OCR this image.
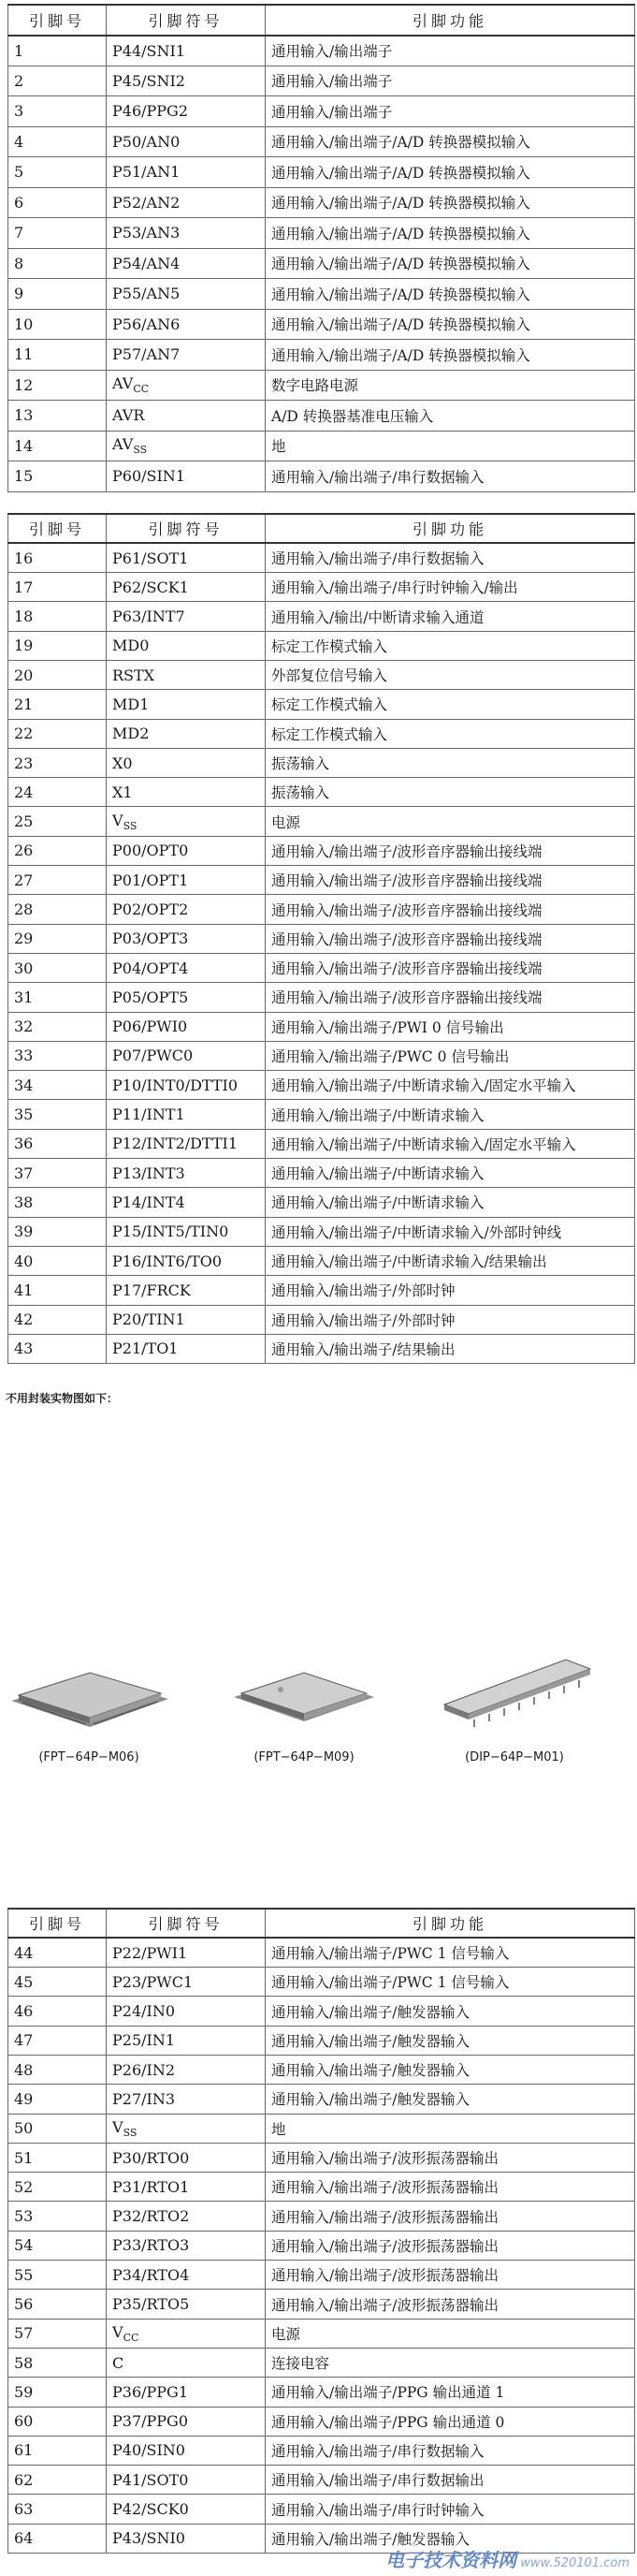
引脚号	引脚符号	引脚功能
1	P44/SNI1	通用输入/输出端子
2	P45/SNI2	通用输入/输出端子
3	P46/PPG2	通用输入/输出端子
4	P50/AN0	通用输入/输出端子/A/D 转换器模拟输入
5	P51/AN1	通用输入/输出端子/A/D 转换器模拟输入
6	P52/AN2	通用输入/输出端子/A/D 转换器模拟输入
7	P53/AN3	通用输入/输出端子/A/D 转换器模拟输入
8	P54/AN4	通用输入/输出端子/A/D 转换器模拟输入
9	P55/AN5	通用输入/输出端子/A/D 转换器模拟输入
10	P56/AN6	通用输入/输出端子/A/D 转换器模拟输入
11	P57/AN7	通用输入/输出端子/A/D 转换器模拟输入
12	$AV_{CC}$	数字电路电源
13	AVR	A/D 转换器基准电压输入
14	$AV_{SS}$	地
15	P60/SIN1	通用输入/输出端子/串行数据输入
引脚号	引脚符号	引脚功能
16	P61/SOT1	通用输入/输出端子/串行数据输入
17	P62/SCK1	通用输入/输出端子/串行时钟输入/输出
18	P63/INT7	通用输入/输出/中断请求输入通道
19	MD0	标定工作模式输入
20	RSTX	外部复位信号输入
21	MD1	标定工作模式输入
22	MD2	标定工作模式输入
23	X0	振荡输入
24	X1	振荡输入
25	$V_{SS}$	电源
26	P00/OPT0	通用输入/输出端子/波形音序器输出接线端
27	P01/OPT1	通用输入/输出端子/波形音序器输出接线端
28	P02/OPT2	通用输入/输出端子/波形音序器输出接线端
29	P03/OPT3	通用输入/输出端子/波形音序器输出接线端
30	P04/OPT4	通用输入/输出端子/波形音序器输出接线端
31	P05/OPT5	通用输入/输出端子/波形音序器输出接线端
32	P06/PWI0	通用输入/输出端子/PWI 0 信号输出
33	P07/PWC0	通用输入/输出端子/PWC 0 信号输出
34	P10/INT0/DTTI0	通用输入/输出端子/中断请求输入/固定水平输入
35	P11/INT1	通用输入/输出端子/中断请求输入
36	P12/INT2/DTTI1	通用输入/输出端子/中断请求输入/固定水平输入
37	P13/INT3	通用输入/输出端子/中断请求输入
38	P14/INT4	通用输入/输出端子/中断请求输入
39	P15/INT5/TIN0	通用输入/输出端子/中断请求输入/外部时钟线
40	P16/INT6/TO0	通用输入/输出端子/中断请求输入/结果输出
41	P17/FRCK	通用输入/输出端子/外部时钟
42	P20/TIN1	通用输入/输出端子/外部时钟
43	P21/TO1	通用输入/输出端子/结果输出
不用封装实物图如下：
(FPT−64P−M06)	(FPT−64P−M09)	(DIP−64P−M01)
引脚号	引脚符号	引脚功能
44	P22/PWI1	通用输入/输出端子/PWC 1 信号输入
45	P23/PWC1	通用输入/输出端子/PWC 1 信号输入
46	P24/IN0	通用输入/输出端子/触发器输入
47	P25/IN1	通用输入/输出端子/触发器输入
48	P26/IN2	通用输入/输出端子/触发器输入
49	P27/IN3	通用输入/输出端子/触发器输入
50	$V_{SS}$	地
51	P30/RTO0	通用输入/输出端子/波形振荡器输出
52	P31/RTO1	通用输入/输出端子/波形振荡器输出
53	P32/RTO2	通用输入/输出端子/波形振荡器输出
54	P33/RTO3	通用输入/输出端子/波形振荡器输出
55	P34/RTO4	通用输入/输出端子/波形振荡器输出
56	P35/RTO5	通用输入/输出端子/波形振荡器输出
57	$V_{CC}$	电源
58	C	连接电容
59	P36/PPG1	通用输入/输出端子/PPG 输出通道 1
60	P37/PPG0	通用输入/输出端子/PPG 输出通道 0
61	P40/SIN0	通用输入/输出端子/串行数据输入
62	P41/SOT0	通用输入/输出端子/串行数据输出
63	P42/SCK0	通用输入/输出端子/串行时钟输入
64	P43/SNI0	通用输入/输出端子/触发器输入
电子技术资料网 www.520101.com
